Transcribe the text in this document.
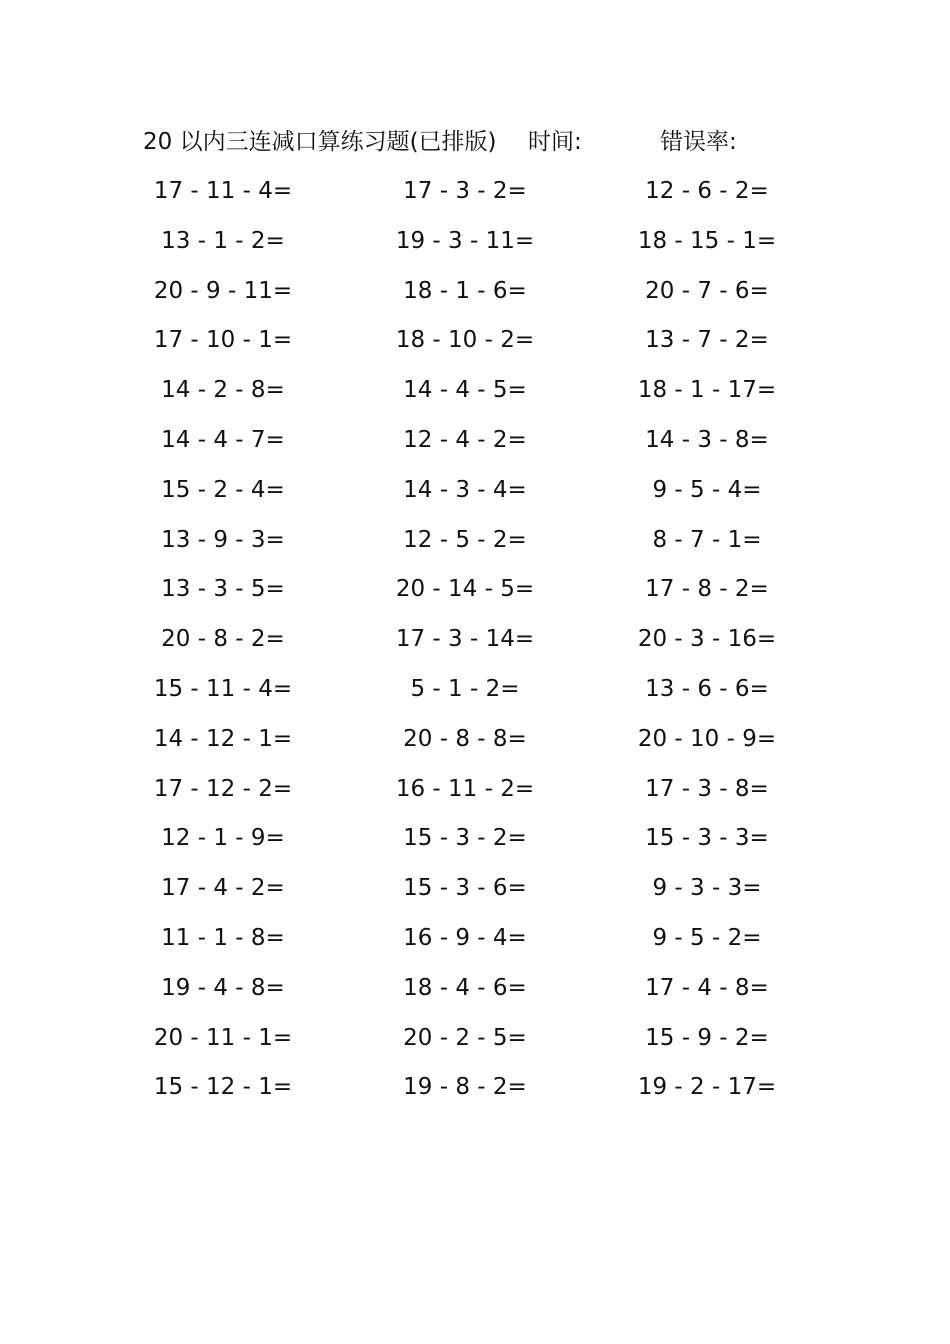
20 以内三连减口算练习题(已排版) 时间:	错误率:
17 - 11 - 4=	17 - 3 - 2=	12 - 6 - 2=
13 - 1 - 2=	19 - 3 - 11=	18 - 15 - 1=
20 - 9 - 11=	18 - 1 - 6=	20 - 7 - 6=
17 - 10 - 1=	18 - 10 - 2=	13 - 7 - 2=
14 - 2 - 8=	14 - 4 - 5=	18 - 1 - 17=
14 - 4 - 7=	12 - 4 - 2=	14 - 3 - 8=
15 - 2 - 4=	14 - 3 - 4=	9 - 5 - 4=
13 - 9 - 3=	12 - 5 - 2=	8 - 7 - 1=
13 - 3 - 5=	20 - 14 - 5=	17 - 8 - 2=
20 - 8 - 2=	17 - 3 - 14=	20 - 3 - 16=
15 - 11 - 4=	5 - 1 - 2=	13 - 6 - 6=
14 - 12 - 1=	20 - 8 - 8=	20 - 10 - 9=
17 - 12 - 2=	16 - 11 - 2=	17 - 3 - 8=
12 - 1 - 9=	15 - 3 - 2=	15 - 3 - 3=
17 - 4 - 2=	15 - 3 - 6=	9 - 3 - 3=
11 - 1 - 8=	16 - 9 - 4=	9 - 5 - 2=
19 - 4 - 8=	18 - 4 - 6=	17 - 4 - 8=
20 - 11 - 1=	20 - 2 - 5=	15 - 9 - 2=
15 - 12 - 1=	19 - 8 - 2=	19 - 2 - 17=
